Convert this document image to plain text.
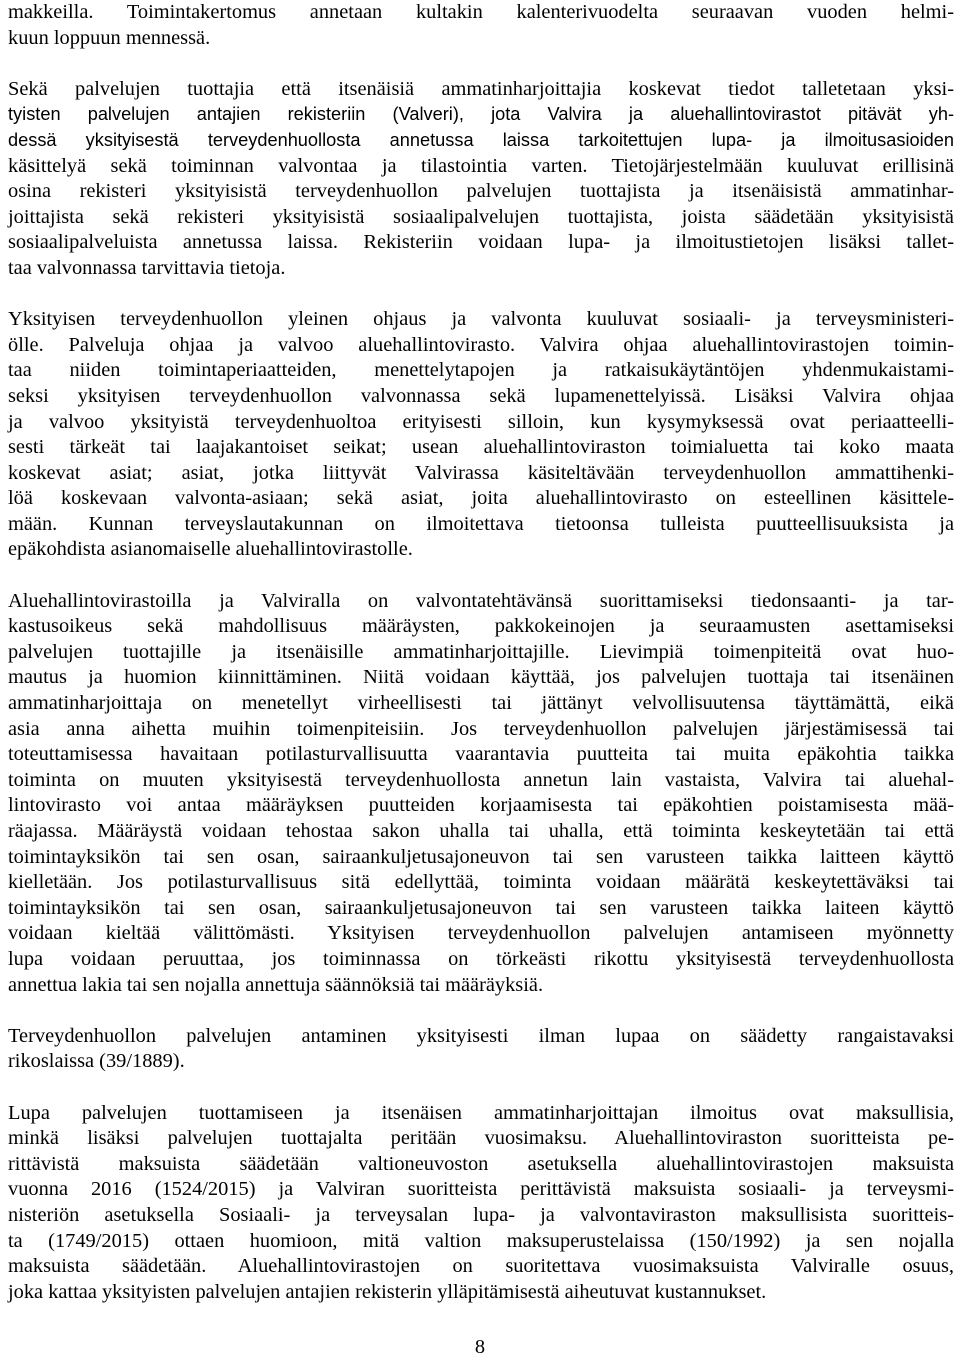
makkeilla. Toimintakertomus annetaan kultakin kalenterivuodelta seuraavan vuoden helmi-
kuun loppuun mennessä.
Sekä palvelujen tuottajia että itsenäisiä ammatinharjoittajia koskevat tiedot talletetaan yksi-
tyisten palvelujen antajien rekisteriin (Valveri), jota Valvira ja aluehallintovirastot pitävät yh-
dessä yksityisestä terveydenhuollosta annetussa laissa tarkoitettujen lupa- ja ilmoitusasioiden
käsittelyä sekä toiminnan valvontaa ja tilastointia varten. Tietojärjestelmään kuuluvat erillisinä
osina rekisteri yksityisistä terveydenhuollon palvelujen tuottajista ja itsenäisistä ammatinhar-
joittajista sekä rekisteri yksityisistä sosiaalipalvelujen tuottajista, joista säädetään yksityisistä
sosiaalipalveluista annetussa laissa. Rekisteriin voidaan lupa- ja ilmoitustietojen lisäksi tallet-
taa valvonnassa tarvittavia tietoja.
Yksityisen terveydenhuollon yleinen ohjaus ja valvonta kuuluvat sosiaali- ja terveysministeri-
ölle. Palveluja ohjaa ja valvoo aluehallintovirasto. Valvira ohjaa aluehallintovirastojen toimin-
taa niiden toimintaperiaatteiden, menettelytapojen ja ratkaisukäytäntöjen yhdenmukaistami-
seksi yksityisen terveydenhuollon valvonnassa sekä lupamenettelyissä. Lisäksi Valvira ohjaa
ja valvoo yksityistä terveydenhuoltoa erityisesti silloin, kun kysymyksessä ovat periaatteelli-
sesti tärkeät tai laajakantoiset seikat; usean aluehallintoviraston toimialuetta tai koko maata
koskevat asiat; asiat, jotka liittyvät Valvirassa käsiteltävään terveydenhuollon ammattihenki-
löä koskevaan valvonta-asiaan; sekä asiat, joita aluehallintovirasto on esteellinen käsittele-
mään. Kunnan terveyslautakunnan on ilmoitettava tietoonsa tulleista puutteellisuuksista ja
epäkohdista asianomaiselle aluehallintovirastolle.
Aluehallintovirastoilla ja Valviralla on valvontatehtävänsä suorittamiseksi tiedonsaanti- ja tar-
kastusoikeus sekä mahdollisuus määräysten, pakkokeinojen ja seuraamusten asettamiseksi
palvelujen tuottajille ja itsenäisille ammatinharjoittajille. Lievimpiä toimenpiteitä ovat huo-
mautus ja huomion kiinnittäminen. Niitä voidaan käyttää, jos palvelujen tuottaja tai itsenäinen
ammatinharjoittaja on menetellyt virheellisesti tai jättänyt velvollisuutensa täyttämättä, eikä
asia anna aihetta muihin toimenpiteisiin. Jos terveydenhuollon palvelujen järjestämisessä tai
toteuttamisessa havaitaan potilasturvallisuutta vaarantavia puutteita tai muita epäkohtia taikka
toiminta on muuten yksityisestä terveydenhuollosta annetun lain vastaista, Valvira tai aluehal-
lintovirasto voi antaa määräyksen puutteiden korjaamisesta tai epäkohtien poistamisesta mää-
räajassa. Määräystä voidaan tehostaa sakon uhalla tai uhalla, että toiminta keskeytetään tai että
toimintayksikön tai sen osan, sairaankuljetusajoneuvon tai sen varusteen taikka laitteen käyttö
kielletään. Jos potilasturvallisuus sitä edellyttää, toiminta voidaan määrätä keskeytettäväksi tai
toimintayksikön tai sen osan, sairaankuljetusajoneuvon tai sen varusteen taikka laiteen käyttö
voidaan kieltää välittömästi. Yksityisen terveydenhuollon palvelujen antamiseen myönnetty
lupa voidaan peruuttaa, jos toiminnassa on törkeästi rikottu yksityisestä terveydenhuollosta
annettua lakia tai sen nojalla annettuja säännöksiä tai määräyksiä.
Terveydenhuollon palvelujen antaminen yksityisesti ilman lupaa on säädetty rangaistavaksi
rikoslaissa (39/1889).
Lupa palvelujen tuottamiseen ja itsenäisen ammatinharjoittajan ilmoitus ovat maksullisia,
minkä lisäksi palvelujen tuottajalta peritään vuosimaksu. Aluehallintoviraston suoritteista pe-
rittävistä maksuista säädetään valtioneuvoston asetuksella aluehallintovirastojen maksuista
vuonna 2016 (1524/2015) ja Valviran suoritteista perittävistä maksuista sosiaali- ja terveysmi-
nisteriön asetuksella Sosiaali- ja terveysalan lupa- ja valvontaviraston maksullisista suoritteis-
ta (1749/2015) ottaen huomioon, mitä valtion maksuperustelaissa (150/1992) ja sen nojalla
maksuista säädetään. Aluehallintovirastojen on suoritettava vuosimaksuista Valviralle osuus,
joka kattaa yksityisten palvelujen antajien rekisterin ylläpitämisestä aiheutuvat kustannukset.
8
